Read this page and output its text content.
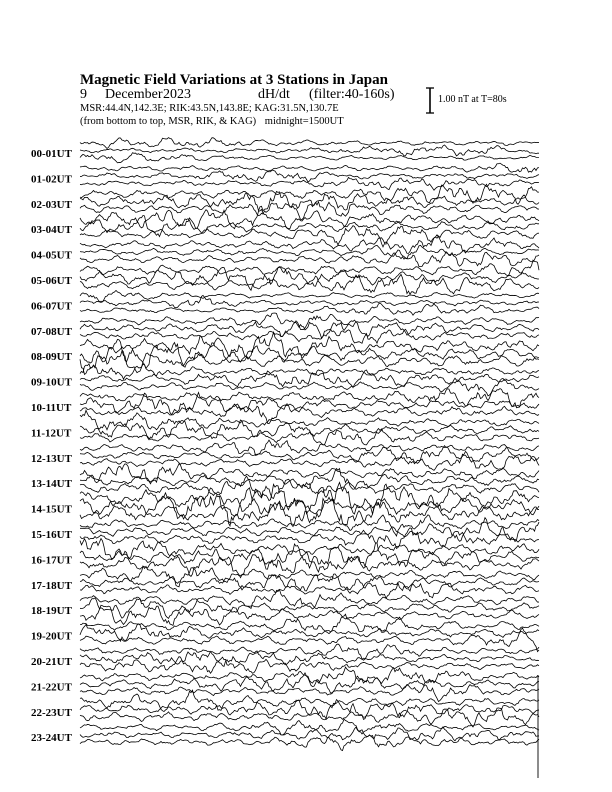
Magnetic Field Variations at 3 Stations in Japan
9 December 2023	dH/dt (filter:40-160s)
MSR:44.4N,142.3E; RIK:43.5N,143.8E; KAG:31.5N,130.7E
(from bottom to top, MSR, RIK, & KAG) midnight=1500UT
1.00 nT at T=80s
00-01UT
01-02UT
02-03UT
03-04UT
04-05UT
05-06UT
06-07UT
07-08UT
08-09UT
09-10UT
10-11UT
11-12UT
12-13UT
13-14UT
14-15UT
15-16UT
16-17UT
17-18UT
18-19UT
19-20UT
20-21UT
21-22UT
22-23UT
23-24UT
